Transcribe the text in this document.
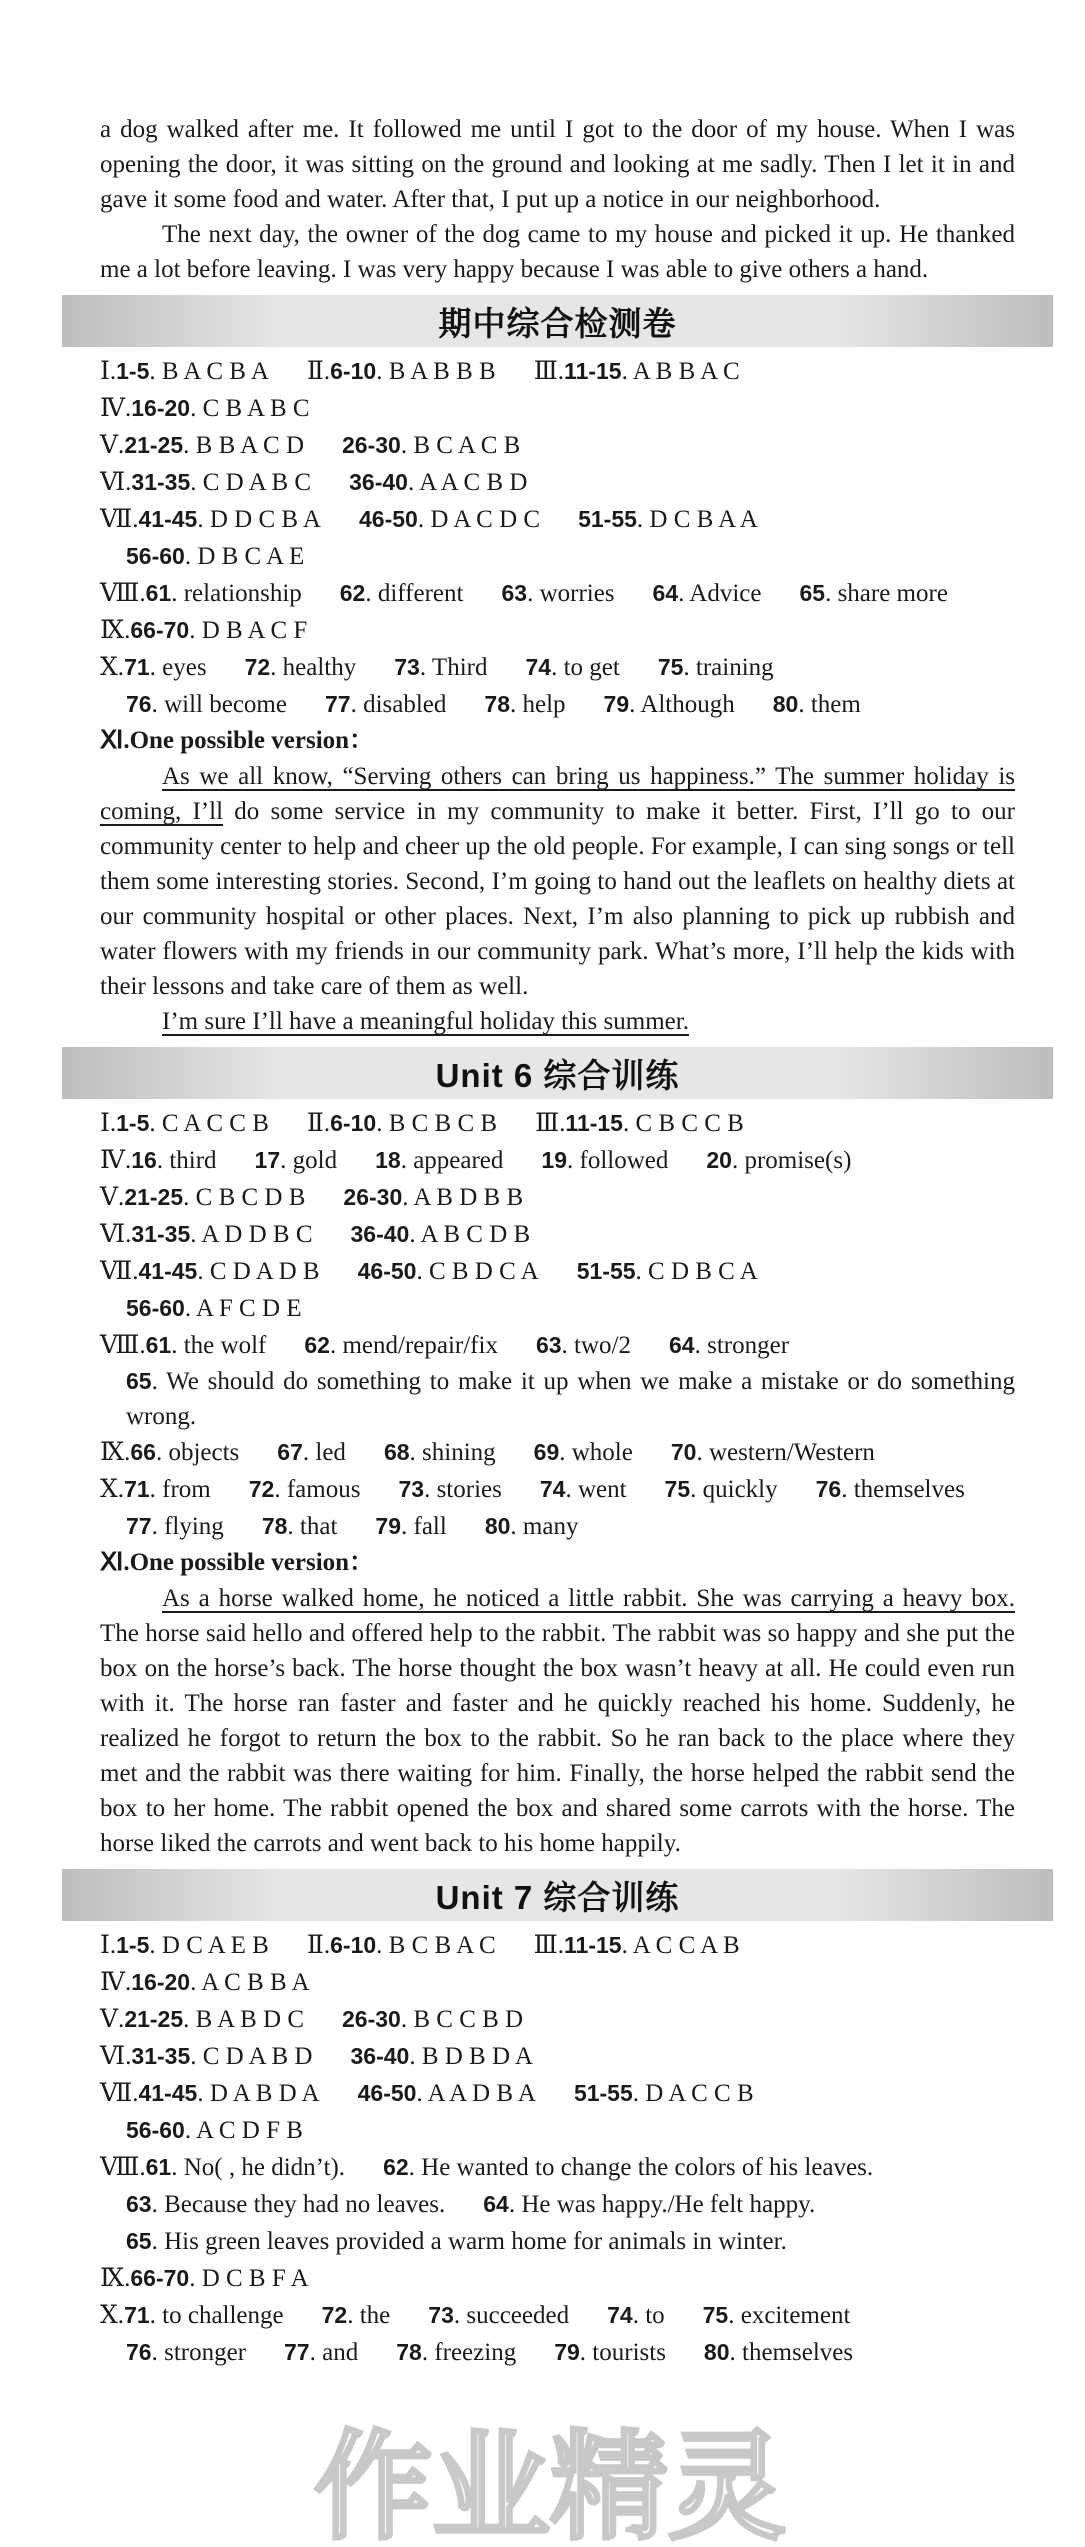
a dog walked after me. It followed me until I got to the door of my house. When I was opening the door, it was sitting on the ground and looking at me sadly. Then I let it in and gave it some food and water. After that, I put up a notice in our neighborhood.

The next day, the owner of the dog came to my house and picked it up. He thanked me a lot before leaving. I was very happy because I was able to give others a hand.

期中综合检测卷

Ⅰ.1-5. B A C B A Ⅱ.6-10. B A B B B Ⅲ.11-15. A B B A C

Ⅳ.16-20. C B A B C

Ⅴ.21-25. B B A C D 26-30. B C A C B

Ⅵ.31-35. C D A B C 36-40. A A C B D

Ⅶ.41-45. D D C B A 46-50. D A C D C 51-55. D C B A A

56-60. D B C A E

Ⅷ.61. relationship 62. different 63. worries 64. Advice 65. share more

Ⅸ.66-70. D B A C F

Ⅹ.71. eyes 72. healthy 73. Third 74. to get 75. training

76. will become 77. disabled 78. help 79. Although 80. them

Ⅺ.One possible version：

As we all know, “Serving others can bring us happiness.” The summer holiday is coming, I’ll do some service in my community to make it better. First, I’ll go to our community center to help and cheer up the old people. For example, I can sing songs or tell them some interesting stories. Second, I’m going to hand out the leaflets on healthy diets at our community hospital or other places. Next, I’m also planning to pick up rubbish and water flowers with my friends in our community park. What’s more, I’ll help the kids with their lessons and take care of them as well.

I’m sure I’ll have a meaningful holiday this summer.

Unit 6 综合训练

Ⅰ.1-5. C A C C B Ⅱ.6-10. B C B C B Ⅲ.11-15. C B C C B

Ⅳ.16. third 17. gold 18. appeared 19. followed 20. promise(s)

Ⅴ.21-25. C B C D B 26-30. A B D B B

Ⅵ.31-35. A D D B C 36-40. A B C D B

Ⅶ.41-45. C D A D B 46-50. C B D C A 51-55. C D B C A

56-60. A F C D E

Ⅷ.61. the wolf 62. mend/repair/fix 63. two/2 64. stronger

65. We should do something to make it up when we make a mistake or do something wrong.

Ⅸ.66. objects 67. led 68. shining 69. whole 70. western/Western

Ⅹ.71. from 72. famous 73. stories 74. went 75. quickly 76. themselves

77. flying 78. that 79. fall 80. many

Ⅺ.One possible version：

As a horse walked home, he noticed a little rabbit. She was carrying a heavy box. The horse said hello and offered help to the rabbit. The rabbit was so happy and she put the box on the horse’s back. The horse thought the box wasn’t heavy at all. He could even run with it. The horse ran faster and faster and he quickly reached his home. Suddenly, he realized he forgot to return the box to the rabbit. So he ran back to the place where they met and the rabbit was there waiting for him. Finally, the horse helped the rabbit send the box to her home. The rabbit opened the box and shared some carrots with the horse. The horse liked the carrots and went back to his home happily.

Unit 7 综合训练

Ⅰ.1-5. D C A E B Ⅱ.6-10. B C B A C Ⅲ.11-15. A C C A B

Ⅳ.16-20. A C B B A

Ⅴ.21-25. B A B D C 26-30. B C C B D

Ⅵ.31-35. C D A B D 36-40. B D B D A

Ⅶ.41-45. D A B D A 46-50. A A D B A 51-55. D A C C B

56-60. A C D F B

Ⅷ.61. No( , he didn’t). 62. He wanted to change the colors of his leaves.

63. Because they had no leaves. 64. He was happy./He felt happy.

65. His green leaves provided a warm home for animals in winter.

Ⅸ.66-70. D C B F A

Ⅹ.71. to challenge 72. the 73. succeeded 74. to 75. excitement

76. stronger 77. and 78. freezing 79. tourists 80. themselves

作业精灵
